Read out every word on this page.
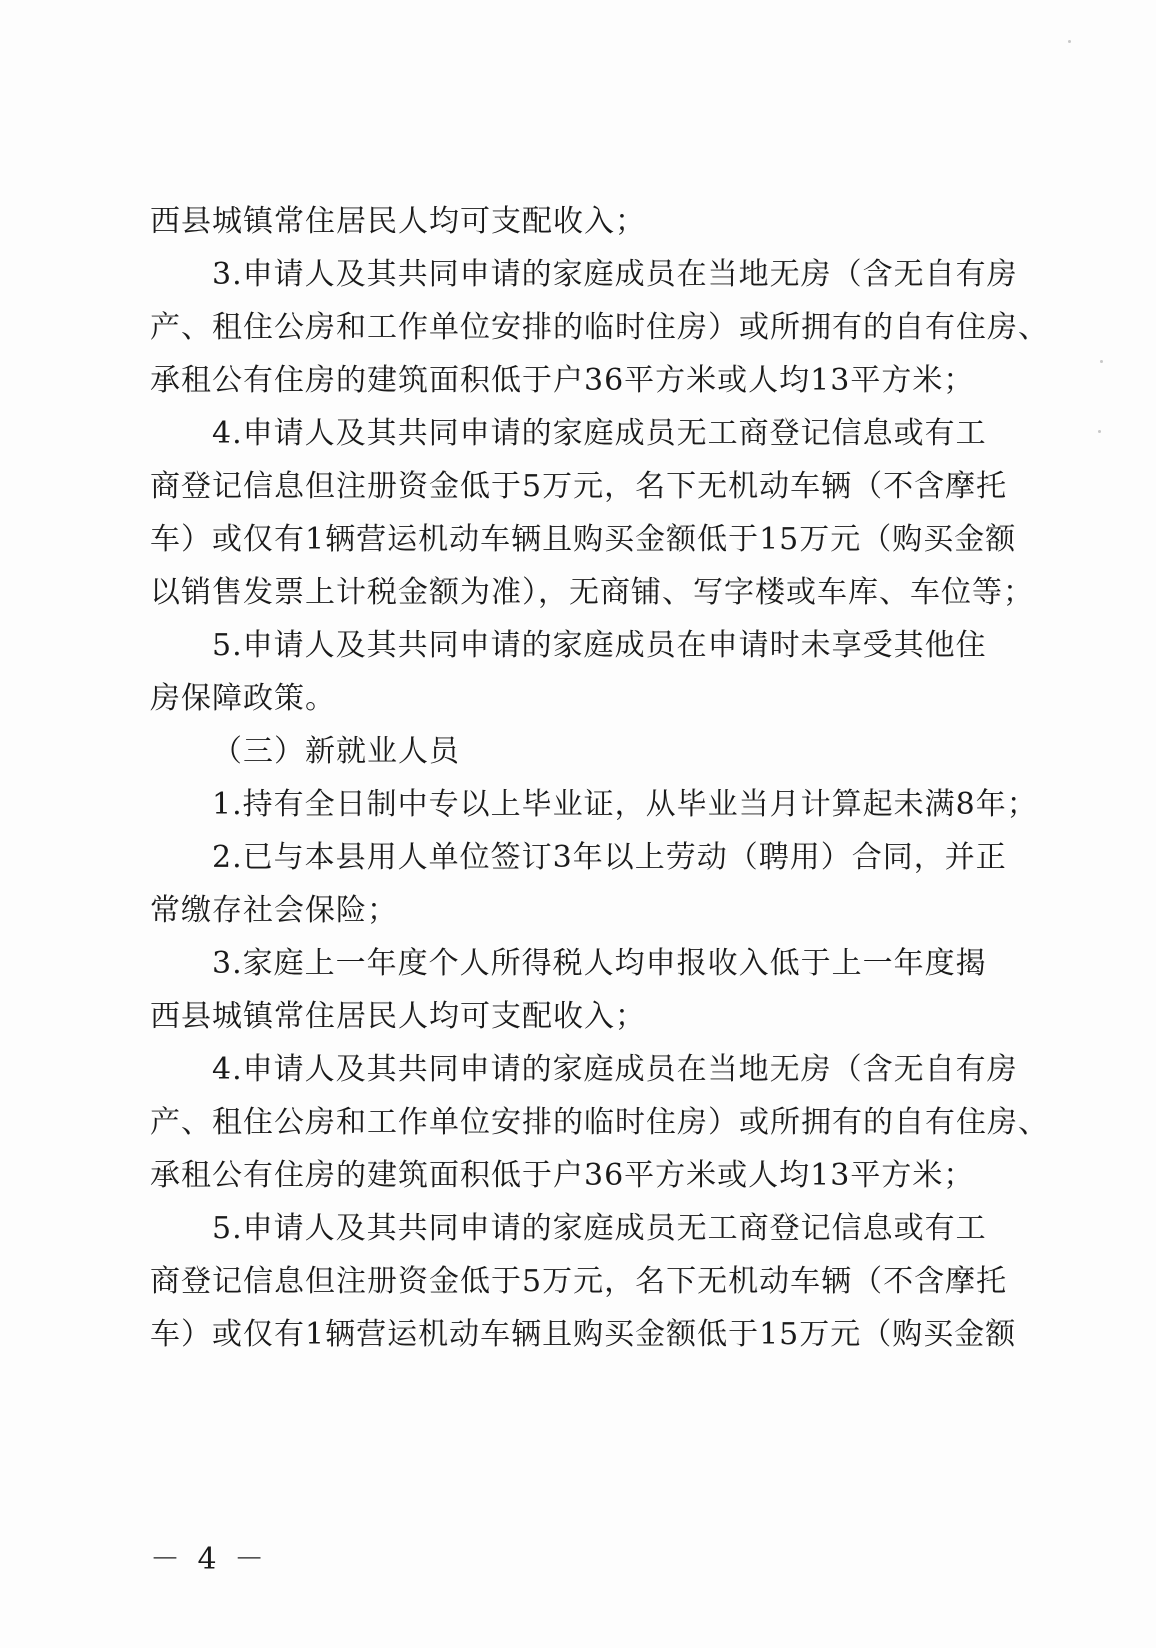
西县城镇常住居民人均可支配收入；
3.申请人及其共同申请的家庭成员在当地无房（含无自有房
产、租住公房和工作单位安排的临时住房）或所拥有的自有住房、
承租公有住房的建筑面积低于户36平方米或人均13平方米；
4.申请人及其共同申请的家庭成员无工商登记信息或有工
商登记信息但注册资金低于5万元，名下无机动车辆（不含摩托
车）或仅有1辆营运机动车辆且购买金额低于15万元（购买金额
以销售发票上计税金额为准），无商铺、写字楼或车库、车位等；
5.申请人及其共同申请的家庭成员在申请时未享受其他住
房保障政策。
（三）新就业人员
1.持有全日制中专以上毕业证，从毕业当月计算起未满8年；
2.已与本县用人单位签订3年以上劳动（聘用）合同，并正
常缴存社会保险；
3.家庭上一年度个人所得税人均申报收入低于上一年度揭
西县城镇常住居民人均可支配收入；
4.申请人及其共同申请的家庭成员在当地无房（含无自有房
产、租住公房和工作单位安排的临时住房）或所拥有的自有住房、
承租公有住房的建筑面积低于户36平方米或人均13平方米；
5.申请人及其共同申请的家庭成员无工商登记信息或有工
商登记信息但注册资金低于5万元，名下无机动车辆（不含摩托
车）或仅有1辆营运机动车辆且购买金额低于15万元（购买金额
－ 4 －
